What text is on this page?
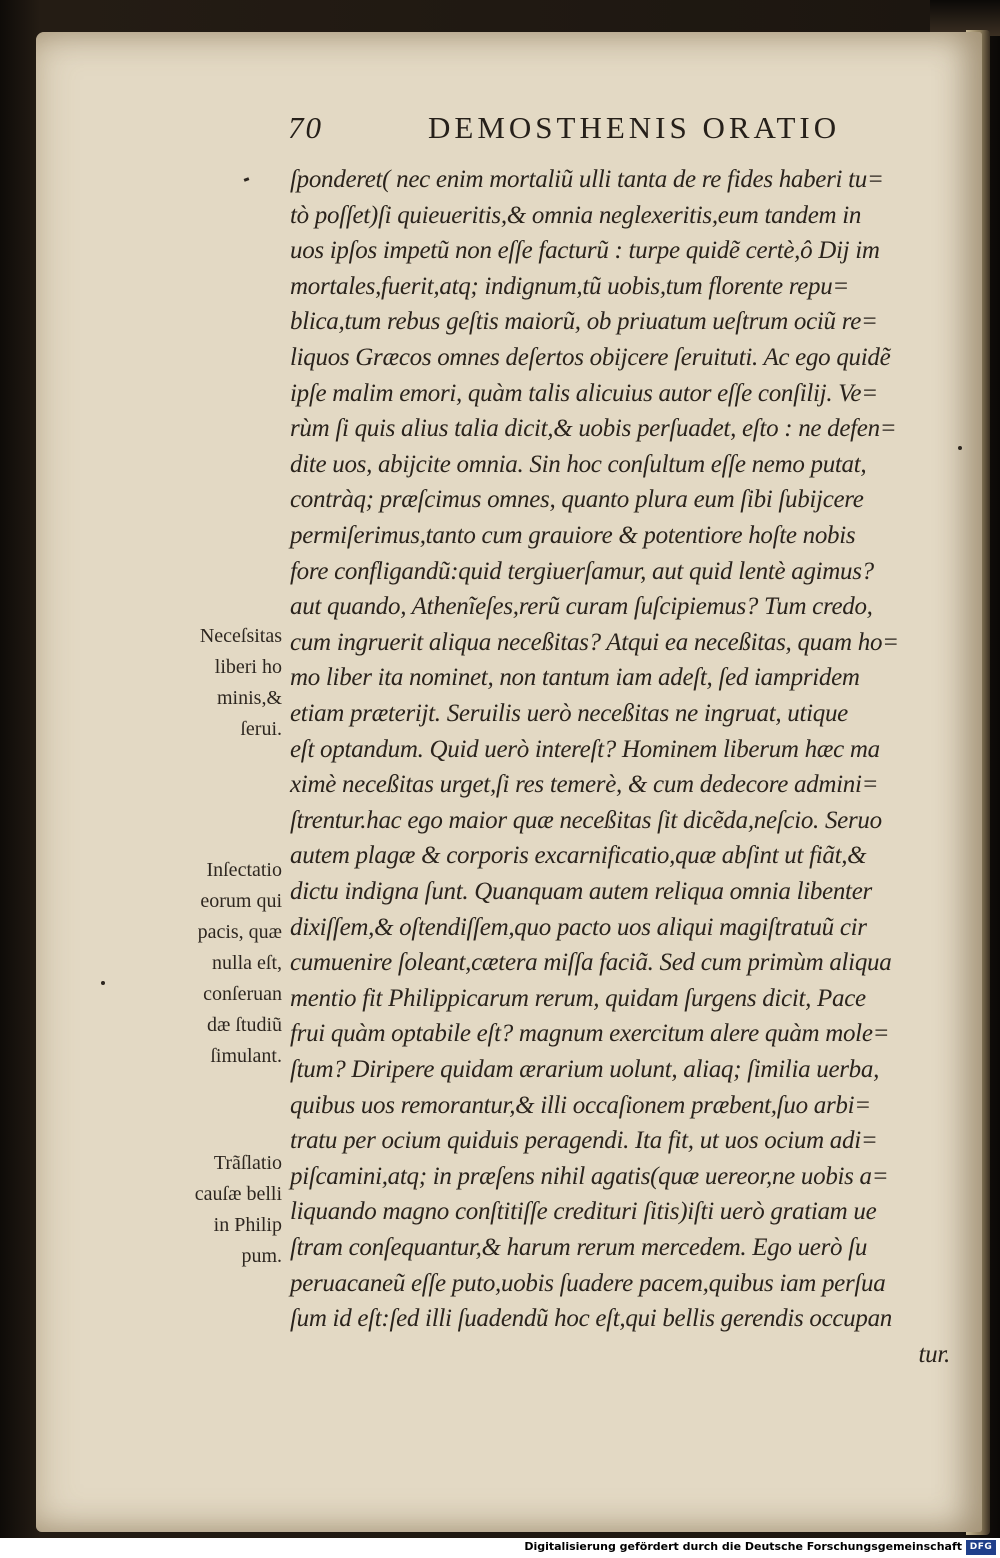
70	DEMOSTHENIS ORATIO
ſponderet( nec enim mortaliũ ulli tanta de re fides haberi tu=
tò poſſet)ſi quieueritis,& omnia neglexeritis,eum tandem in
uos ipſos impetũ non eſſe facturũ : turpe quidẽ certè,ô Dij im
mortales,fuerit,atq; indignum,tũ uobis,tum florente repu=
blica,tum rebus geſtis maiorũ, ob priuatum ueſtrum ociũ re=
liquos Græcos omnes deſertos obijcere ſeruituti. Ac ego quidẽ
ipſe malim emori, quàm talis alicuius autor eſſe conſilij. Ve=
rùm ſi quis alius talia dicit,& uobis perſuadet, eſto : ne defen=
dite uos, abijcite omnia. Sin hoc conſultum eſſe nemo putat,
contràq; præſcimus omnes, quanto plura eum ſibi ſubijcere
permiſerimus,tanto cum grauiore & potentiore hoſte nobis
fore confligandũ:quid tergiuerſamur, aut quid lentè agimus?
aut quando, Athenĩeſes,rerũ curam ſuſcipiemus? Tum credo,
cum ingruerit aliqua neceßitas? Atqui ea neceßitas, quam ho=
mo liber ita nominet, non tantum iam adeſt, ſed iampridem
etiam præterijt. Seruilis uerò neceßitas ne ingruat, utique
eſt optandum. Quid uerò intereſt? Hominem liberum hæc ma
ximè neceßitas urget,ſi res temerè, & cum dedecore admini=
ſtrentur.hac ego maior quæ neceßitas ſit dicẽda,neſcio. Seruo
autem plagæ & corporis excarnificatio,quæ abſint ut fiãt,&
dictu indigna ſunt. Quanquam autem reliqua omnia libenter
dixiſſem,& oſtendiſſem,quo pacto uos aliqui magiſtratuũ cir
cumuenire ſoleant,cætera miſſa faciã. Sed cum primùm aliqua
mentio fit Philippicarum rerum, quidam ſurgens dicit, Pace
frui quàm optabile eſt? magnum exercitum alere quàm mole=
ſtum? Diripere quidam ærarium uolunt, aliaq; ſimilia uerba,
quibus uos remorantur,& illi occaſionem præbent,ſuo arbi=
tratu per ocium quiduis peragendi. Ita fit, ut uos ocium adi=
piſcamini,atq; in præſens nihil agatis(quæ uereor,ne uobis a=
liquando magno conſtitiſſe credituri ſitis)iſti uerò gratiam ue
ſtram conſequantur,& harum rerum mercedem. Ego uerò ſu
peruacaneũ eſſe puto,uobis ſuadere pacem,quibus iam perſua
ſum id eſt:ſed illi ſuadendũ hoc eſt,qui bellis gerendis occupan
tur.
Neceſsitas
liberi ho
minis,&
ſerui.
Inſectatio
eorum qui
pacis, quæ
nulla eſt,
conſeruan
dæ ſtudiũ
ſimulant.
Trãſlatio
cauſæ belli
in Philip
pum.
Digitalisierung gefördert durch die Deutsche Forschungsgemeinschaft DFG
